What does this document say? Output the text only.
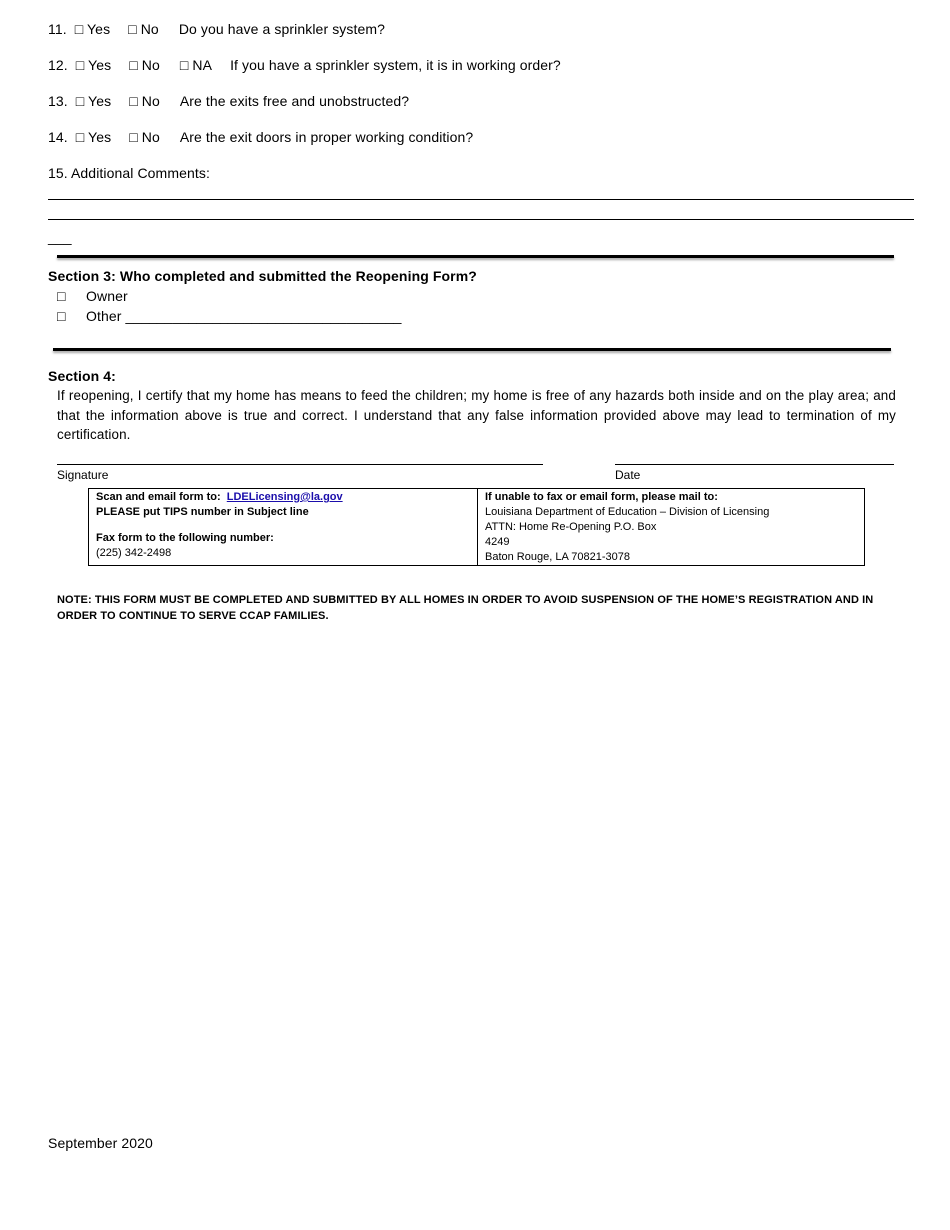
11. □ Yes □ No Do you have a sprinkler system?
12. □ Yes □ No □ NA If you have a sprinkler system, it is in working order?
13. □ Yes □ No Are the exits free and unobstructed?
14. □ Yes □ No Are the exit doors in proper working condition?
15. Additional Comments:
___
Section 3: Who completed and submitted the Reopening Form?
□ Owner
□ Other ___________________________________
Section 4:
If reopening, I certify that my home has means to feed the children; my home is free of any hazards both inside and on the play area; and that the information above is true and correct. I understand that any false information provided above may lead to termination of my certification.
Signature	Date
Scan and email form to: LDELicensing@la.gov
PLEASE put TIPS number in Subject line
Fax form to the following number:
(225) 342-2498

If unable to fax or email form, please mail to:
Louisiana Department of Education – Division of Licensing
ATTN: Home Re-Opening P.O. Box
4249
Baton Rouge, LA 70821-3078
NOTE: THIS FORM MUST BE COMPLETED AND SUBMITTED BY ALL HOMES IN ORDER TO AVOID SUSPENSION OF THE HOME’S REGISTRATION AND IN
ORDER TO CONTINUE TO SERVE CCAP FAMILIES.
September 2020
